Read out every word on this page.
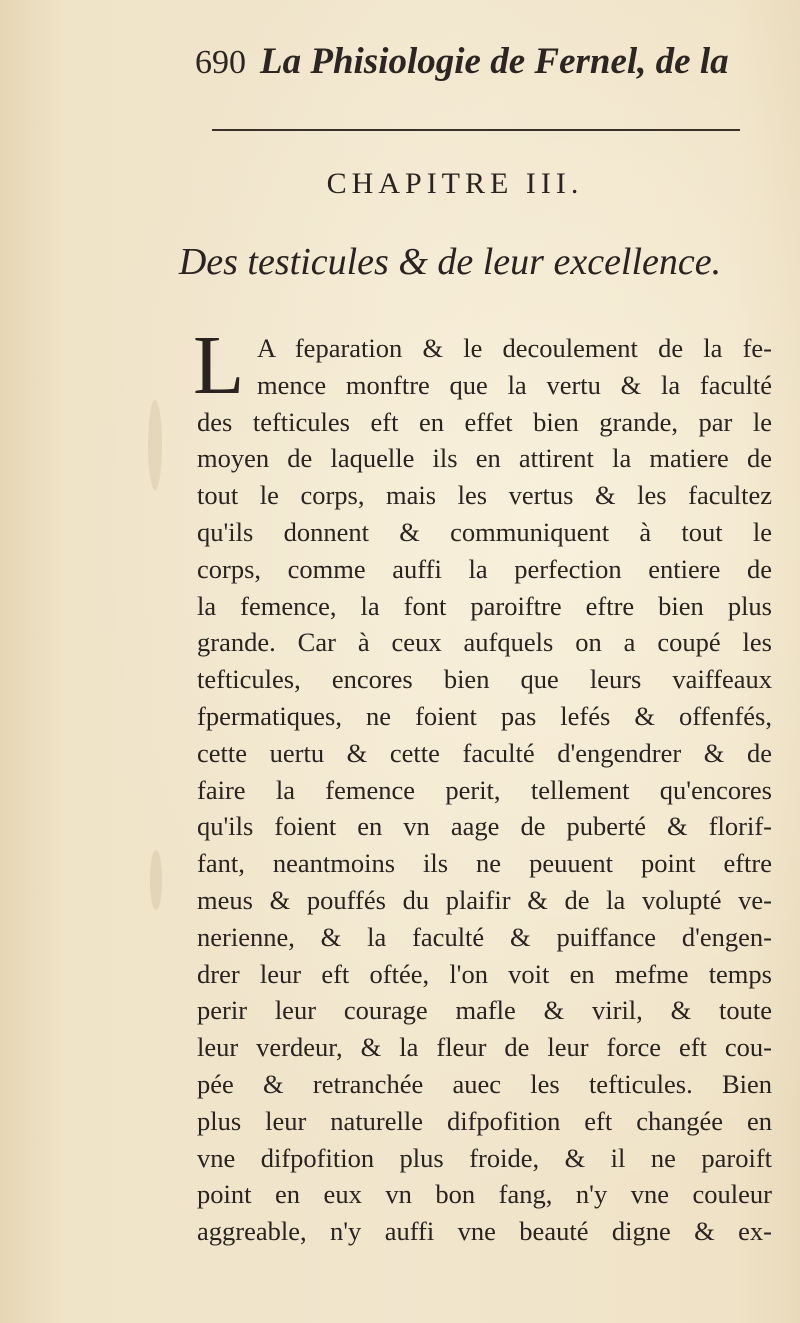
690 La Phisiologie de Fernel, de la
CHAPITRE III.
Des testicules & de leur excellence.
L A feparation & le decoulement de la fe-
mence monftre que la vertu & la faculté
des tefticules eft en effet bien grande, par le
moyen de laquelle ils en attirent la matiere de
tout le corps, mais les vertus & les facultez
qu'ils donnent & communiquent à tout le
corps, comme auffi la perfection entiere de
la femence, la font paroiftre eftre bien plus
grande. Car à ceux aufquels on a coupé les
tefticules, encores bien que leurs vaiffeaux
fpermatiques, ne foient pas lefés & offenfés,
cette uertu & cette faculté d'engendrer & de
faire la femence perit, tellement qu'encores
qu'ils foient en vn aage de puberté & florif-
fant, neantmoins ils ne peuuent point eftre
meus & pouffés du plaifir & de la volupté ve-
nerienne, & la faculté & puiffance d'engen-
drer leur eft oftée, l'on voit en mefme temps
perir leur courage mafle & viril, & toute
leur verdeur, & la fleur de leur force eft cou-
pée & retranchée auec les tefticules. Bien
plus leur naturelle difpofition eft changée en
vne difpofition plus froide, & il ne paroift
point en eux vn bon fang, n'y vne couleur
aggreable, n'y auffi vne beauté digne & ex-
